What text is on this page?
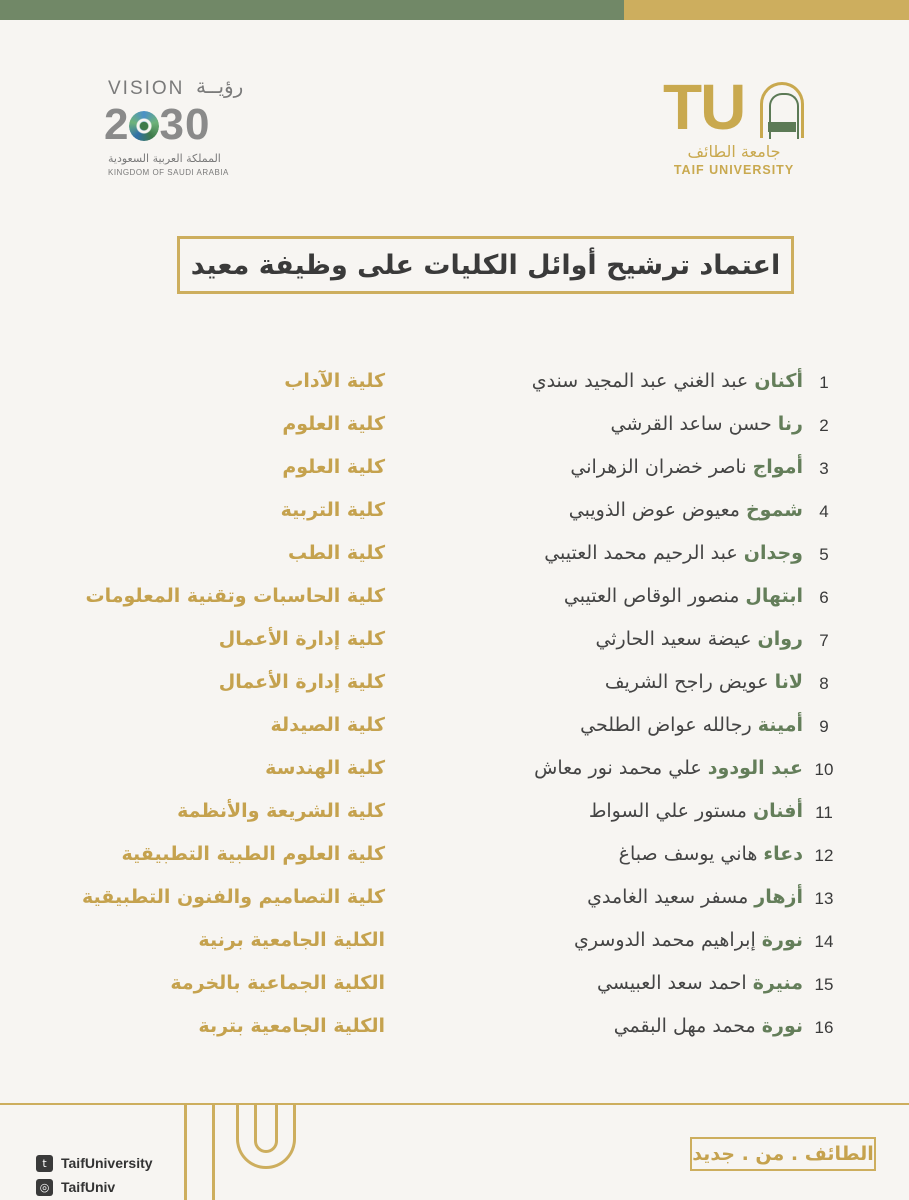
VISION رؤيــة
2 30
المملكة العربية السعودية
KINGDOM OF SAUDI ARABIA
TU
جامعة الطائف
TAIF UNIVERSITY
اعتماد ترشيح أوائل الكليات على وظيفة معيد
1
أكنان عبد الغني عبد المجيد سندي
كلية الآداب
2
رنا حسن ساعد القرشي
كلية العلوم
3
أمواج ناصر خضران الزهراني
كلية العلوم
4
شموخ معيوض عوض الذويبي
كلية التربية
5
وجدان عبد الرحيم محمد العتيبي
كلية الطب
6
ابتهال منصور الوقاص العتيبي
كلية الحاسبات وتقنية المعلومات
7
روان عيضة سعيد الحارثي
كلية إدارة الأعمال
8
لانا عويض راجح الشريف
كلية إدارة الأعمال
9
أمينة رجالله عواض الطلحي
كلية الصيدلة
10
عبد الودود علي محمد نور معاش
كلية الهندسة
11
أفنان مستور علي السواط
كلية الشريعة والأنظمة
12
دعاء هاني يوسف صباغ
كلية العلوم الطبية التطبيقية
13
أزهار مسفر سعيد الغامدي
كلية التصاميم والفنون التطبيقية
14
نورة إبراهيم محمد الدوسري
الكلية الجامعية برنية
15
منيرة احمد سعد العبيسي
الكلية الجماعية بالخرمة
16
نورة محمد مهل البقمي
الكلية الجامعية بتربة
t	TaifUniversity
◎ TaifUniv
الطائف . من . جديد
